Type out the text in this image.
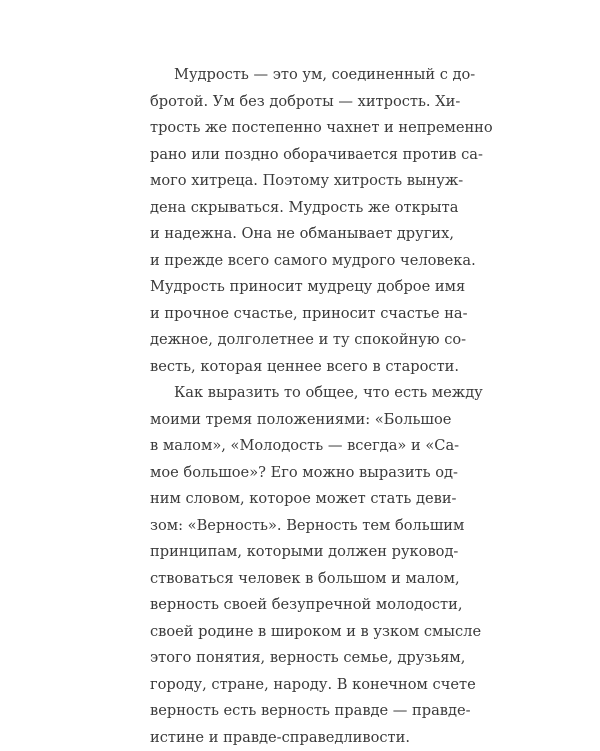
Мудрость — это ум, соединенный с до-
бротой. Ум без доброты — хитрость. Хи-
трость же постепенно чахнет и непременно
рано или поздно оборачивается против са-
мого хитреца. Поэтому хитрость вынуж-
дена скрываться. Мудрость же открыта
и надежна. Она не обманывает других,
и прежде всего самого мудрого человека.
Мудрость приносит мудрецу доброе имя
и прочное счастье, приносит счастье на-
дежное, долголетнее и ту спокойную со-
весть, которая ценнее всего в старости.
Как выразить то общее, что есть между
моими тремя положениями: «Большое
в малом», «Молодость — всегда» и «Са-
мое большое»? Его можно выразить од-
ним словом, которое может стать деви-
зом: «Верность». Верность тем большим
принципам, которыми должен руковод-
ствоваться человек в большом и малом,
верность своей безупречной молодости,
своей родине в широком и в узком смысле
этого понятия, верность семье, друзьям,
городу, стране, народу. В конечном счете
верность есть верность правде — правде-
истине и правде-справедливости.
